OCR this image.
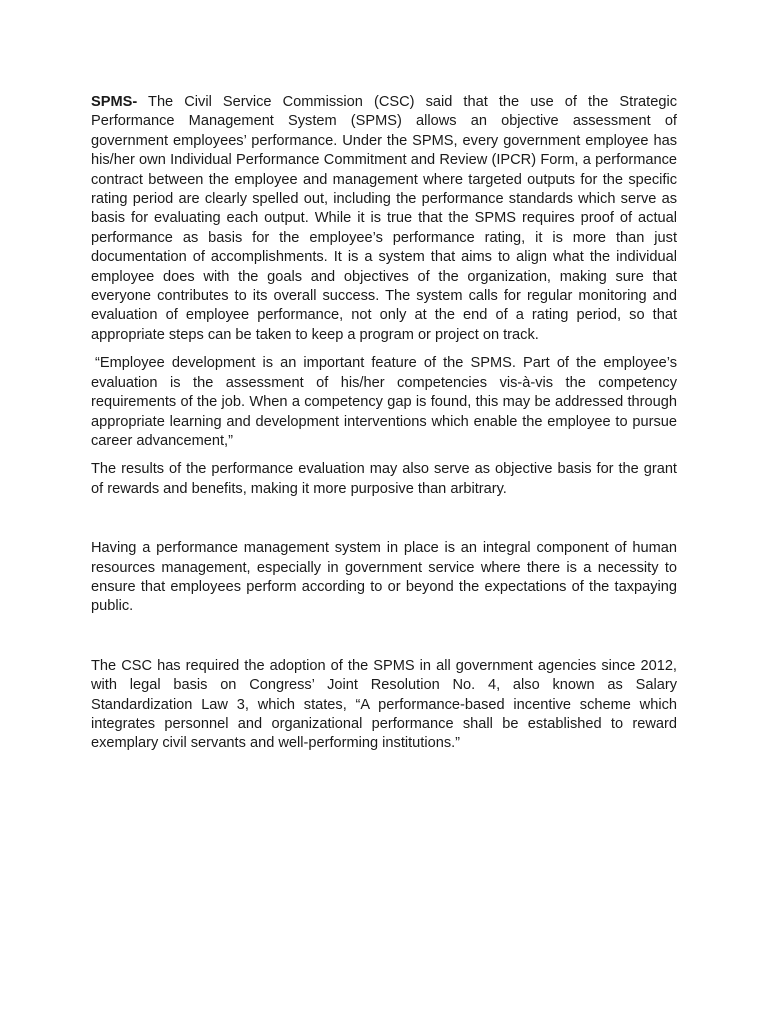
SPMS- The Civil Service Commission (CSC) said that the use of the Strategic Performance Management System (SPMS) allows an objective assessment of government employees’ performance. Under the SPMS, every government employee has his/her own Individual Performance Commitment and Review (IPCR) Form, a performance contract between the employee and management where targeted outputs for the specific rating period are clearly spelled out, including the performance standards which serve as basis for evaluating each output. While it is true that the SPMS requires proof of actual performance as basis for the employee’s performance rating, it is more than just documentation of accomplishments. It is a system that aims to align what the individual employee does with the goals and objectives of the organization, making sure that everyone contributes to its overall success. The system calls for regular monitoring and evaluation of employee performance, not only at the end of a rating period, so that appropriate steps can be taken to keep a program or project on track.

“Employee development is an important feature of the SPMS. Part of the employee’s evaluation is the assessment of his/her competencies vis-à-vis the competency requirements of the job. When a competency gap is found, this may be addressed through appropriate learning and development interventions which enable the employee to pursue career advancement,”

The results of the performance evaluation may also serve as objective basis for the grant of rewards and benefits, making it more purposive than arbitrary.

Having a performance management system in place is an integral component of human resources management, especially in government service where there is a necessity to ensure that employees perform according to or beyond the expectations of the taxpaying public.

The CSC has required the adoption of the SPMS in all government agencies since 2012, with legal basis on Congress’ Joint Resolution No. 4, also known as Salary Standardization Law 3, which states, “A performance-based incentive scheme which integrates personnel and organizational performance shall be established to reward exemplary civil servants and well-performing institutions.”
